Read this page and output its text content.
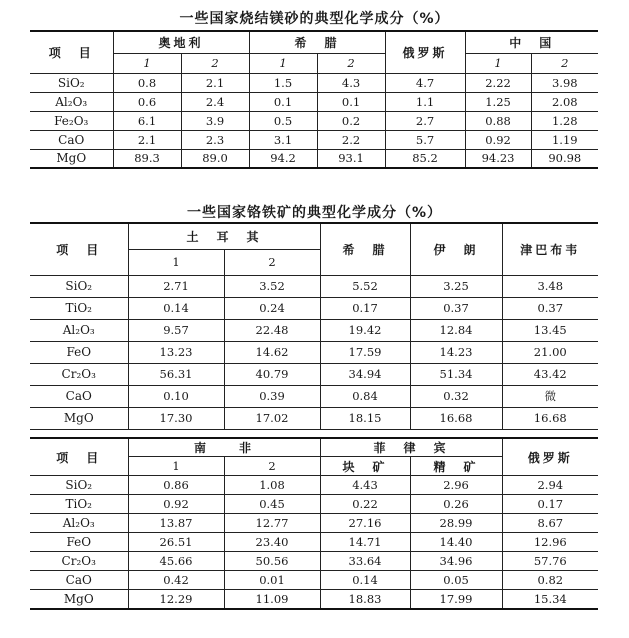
一些国家烧结镁砂的典型化学成分（%）
项　目	奥地利		希　腊		俄罗斯	中　国	
	1	2	1	2		1	2
SiO₂	0.8	2.1	1.5	4.3	4.7	2.22	3.98
Al₂O₃	0.6	2.4	0.1	0.1	1.1	1.25	2.08
Fe₂O₃	6.1	3.9	0.5	0.2	2.7	0.88	1.28
CaO	2.1	2.3	3.1	2.2	5.7	0.92	1.19
MgO	89.3	89.0	94.2	93.1	85.2	94.23	90.98
一些国家铬铁矿的典型化学成分（%）
项　目	土　耳　其		希　腊	伊　朗	津巴布韦
	1	2			
SiO₂	2.71	3.52	5.52	3.25	3.48
TiO₂	0.14	0.24	0.17	0.37	0.37
Al₂O₃	9.57	22.48	19.42	12.84	13.45
FeO	13.23	14.62	17.59	14.23	21.00
Cr₂O₃	56.31	40.79	34.94	51.34	43.42
CaO	0.10	0.39	0.84	0.32	微
MgO	17.30	17.02	18.15	16.68	16.68
项　目	南　　非		菲　律　宾		俄罗斯
	1	2	块　矿	精　矿	
SiO₂	0.86	1.08	4.43	2.96	2.94
TiO₂	0.92	0.45	0.22	0.26	0.17
Al₂O₃	13.87	12.77	27.16	28.99	8.67
FeO	26.51	23.40	14.71	14.40	12.96
Cr₂O₃	45.66	50.56	33.64	34.96	57.76
CaO	0.42	0.01	0.14	0.05	0.82
MgO	12.29	11.09	18.83	17.99	15.34
